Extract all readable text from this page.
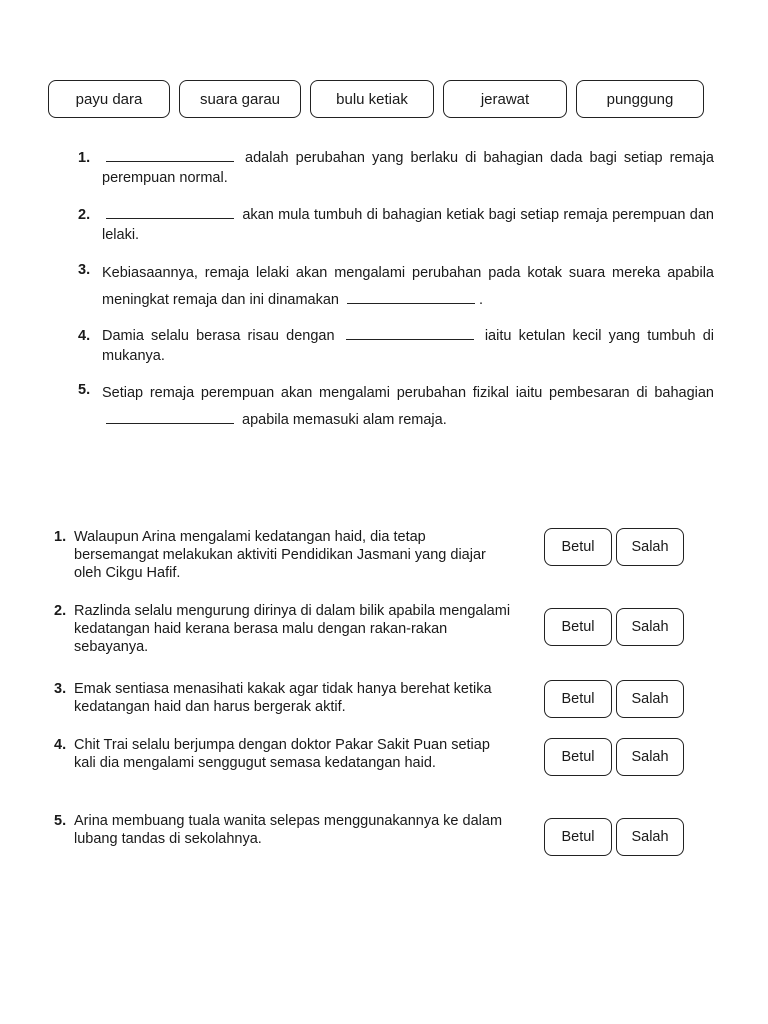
payu dara	suara garau	bulu ketiak	jerawat	punggung
1.	adalah perubahan yang berlaku di bahagian dada bagi setiap remaja perempuan normal.
2.	akan mula tumbuh di bahagian ketiak bagi setiap remaja perempuan dan lelaki.
3. Kebiasaannya, remaja lelaki akan mengalami perubahan pada kotak suara mereka apabila meningkat remaja dan ini dinamakan	.
4. Damia selalu berasa risau dengan	iaitu ketulan kecil yang tumbuh di mukanya.
5. Setiap remaja perempuan akan mengalami perubahan fizikal iaitu pembesaran di bahagian  apabila memasuki alam remaja.
1. Walaupun Arina mengalami kedatangan haid, dia tetap bersemangat melakukan aktiviti Pendidikan Jasmani yang diajar oleh Cikgu Hafif.
Betul	Salah
2. Razlinda selalu mengurung dirinya di dalam bilik apabila mengalami kedatangan haid kerana berasa malu dengan rakan-rakan sebayanya.
Betul	Salah
3. Emak sentiasa menasihati kakak agar tidak hanya berehat ketika kedatangan haid dan harus bergerak aktif.	Betul	Salah
4. Chit Trai selalu berjumpa dengan doktor Pakar Sakit Puan setiap kali dia mengalami senggugut semasa kedatangan haid.	Betul	Salah
5. Arina membuang tuala wanita selepas menggunakannya ke dalam lubang tandas di sekolahnya.	Betul	Salah
